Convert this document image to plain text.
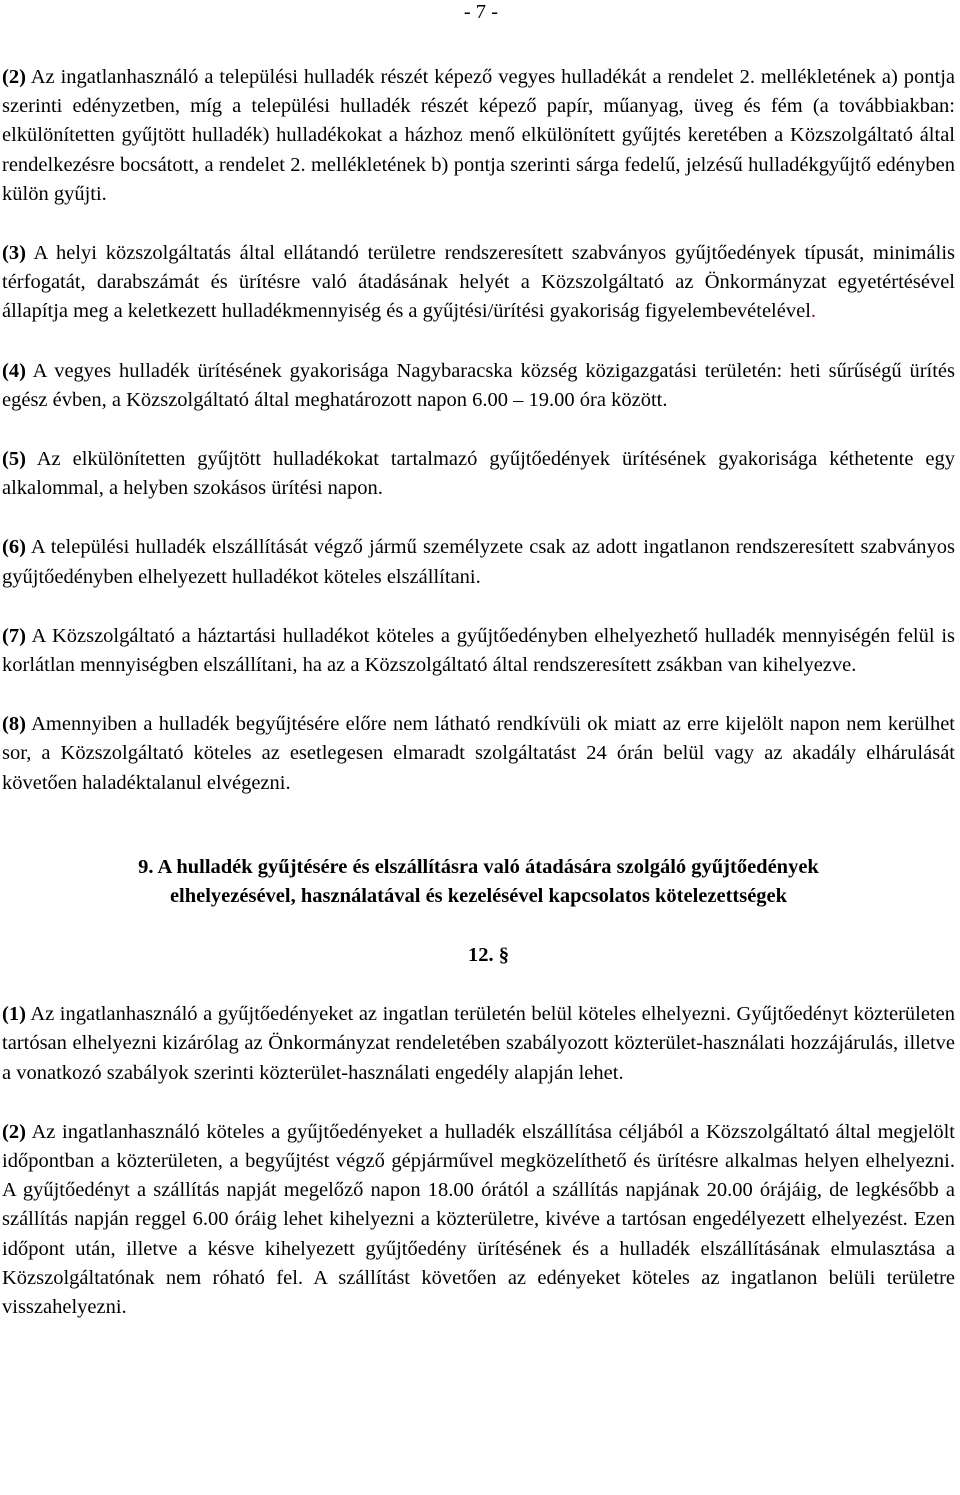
- 7 -

(2) Az ingatlanhasználó a települési hulladék részét képező vegyes hulladékát a rendelet 2. mellékletének a) pontja szerinti edényzetben, míg a települési hulladék részét képező papír, műanyag, üveg és fém (a továbbiakban: elkülönítetten gyűjtött hulladék) hulladékokat a házhoz menő elkülönített gyűjtés keretében a Közszolgáltató által rendelkezésre bocsátott, a rendelet 2. mellékletének b) pontja szerinti sárga fedelű, jelzésű hulladékgyűjtő edényben külön gyűjti.

(3) A helyi közszolgáltatás által ellátandó területre rendszeresített szabványos gyűjtőedények típusát, minimális térfogatát, darabszámát és ürítésre való átadásának helyét a Közszolgáltató az Önkormányzat egyetértésével állapítja meg a keletkezett hulladékmennyiség és a gyűjtési/ürítési gyakoriság figyelembevételével.

(4) A vegyes hulladék ürítésének gyakorisága Nagybaracska község közigazgatási területén: heti sűrűségű ürítés egész évben, a Közszolgáltató által meghatározott napon 6.00 – 19.00 óra között.

(5) Az elkülönítetten gyűjtött hulladékokat tartalmazó gyűjtőedények ürítésének gyakorisága kéthetente egy alkalommal, a helyben szokásos ürítési napon.

(6) A települési hulladék elszállítását végző jármű személyzete csak az adott ingatlanon rendszeresített szabványos gyűjtőedényben elhelyezett hulladékot köteles elszállítani.

(7) A Közszolgáltató a háztartási hulladékot köteles a gyűjtőedényben elhelyezhető hulladék mennyiségén felül is korlátlan mennyiségben elszállítani, ha az a Közszolgáltató által rendszeresített zsákban van kihelyezve.

(8) Amennyiben a hulladék begyűjtésére előre nem látható rendkívüli ok miatt az erre kijelölt napon nem kerülhet sor, a Közszolgáltató köteles az esetlegesen elmaradt szolgáltatást 24 órán belül vagy az akadály elhárulását követően haladéktalanul elvégezni.

9. A hulladék gyűjtésére és elszállításra való átadására szolgáló gyűjtőedények
elhelyezésével, használatával és kezelésével kapcsolatos kötelezettségek

12. §

(1) Az ingatlanhasználó a gyűjtőedényeket az ingatlan területén belül köteles elhelyezni. Gyűjtőedényt közterületen tartósan elhelyezni kizárólag az Önkormányzat rendeletében szabályozott közterület-használati hozzájárulás, illetve a vonatkozó szabályok szerinti közterület-használati engedély alapján lehet.

(2) Az ingatlanhasználó köteles a gyűjtőedényeket a hulladék elszállítása céljából a Közszolgáltató által megjelölt időpontban a közterületen, a begyűjtést végző gépjárművel megközelíthető és ürítésre alkalmas helyen elhelyezni. A gyűjtőedényt a szállítás napját megelőző napon 18.00 órától a szállítás napjának 20.00 órájáig, de legkésőbb a szállítás napján reggel 6.00 óráig lehet kihelyezni a közterületre, kivéve a tartósan engedélyezett elhelyezést. Ezen időpont után, illetve a késve kihelyezett gyűjtőedény ürítésének és a hulladék elszállításának elmulasztása a Közszolgáltatónak nem róható fel. A szállítást követően az edényeket köteles az ingatlanon belüli területre visszahelyezni.
